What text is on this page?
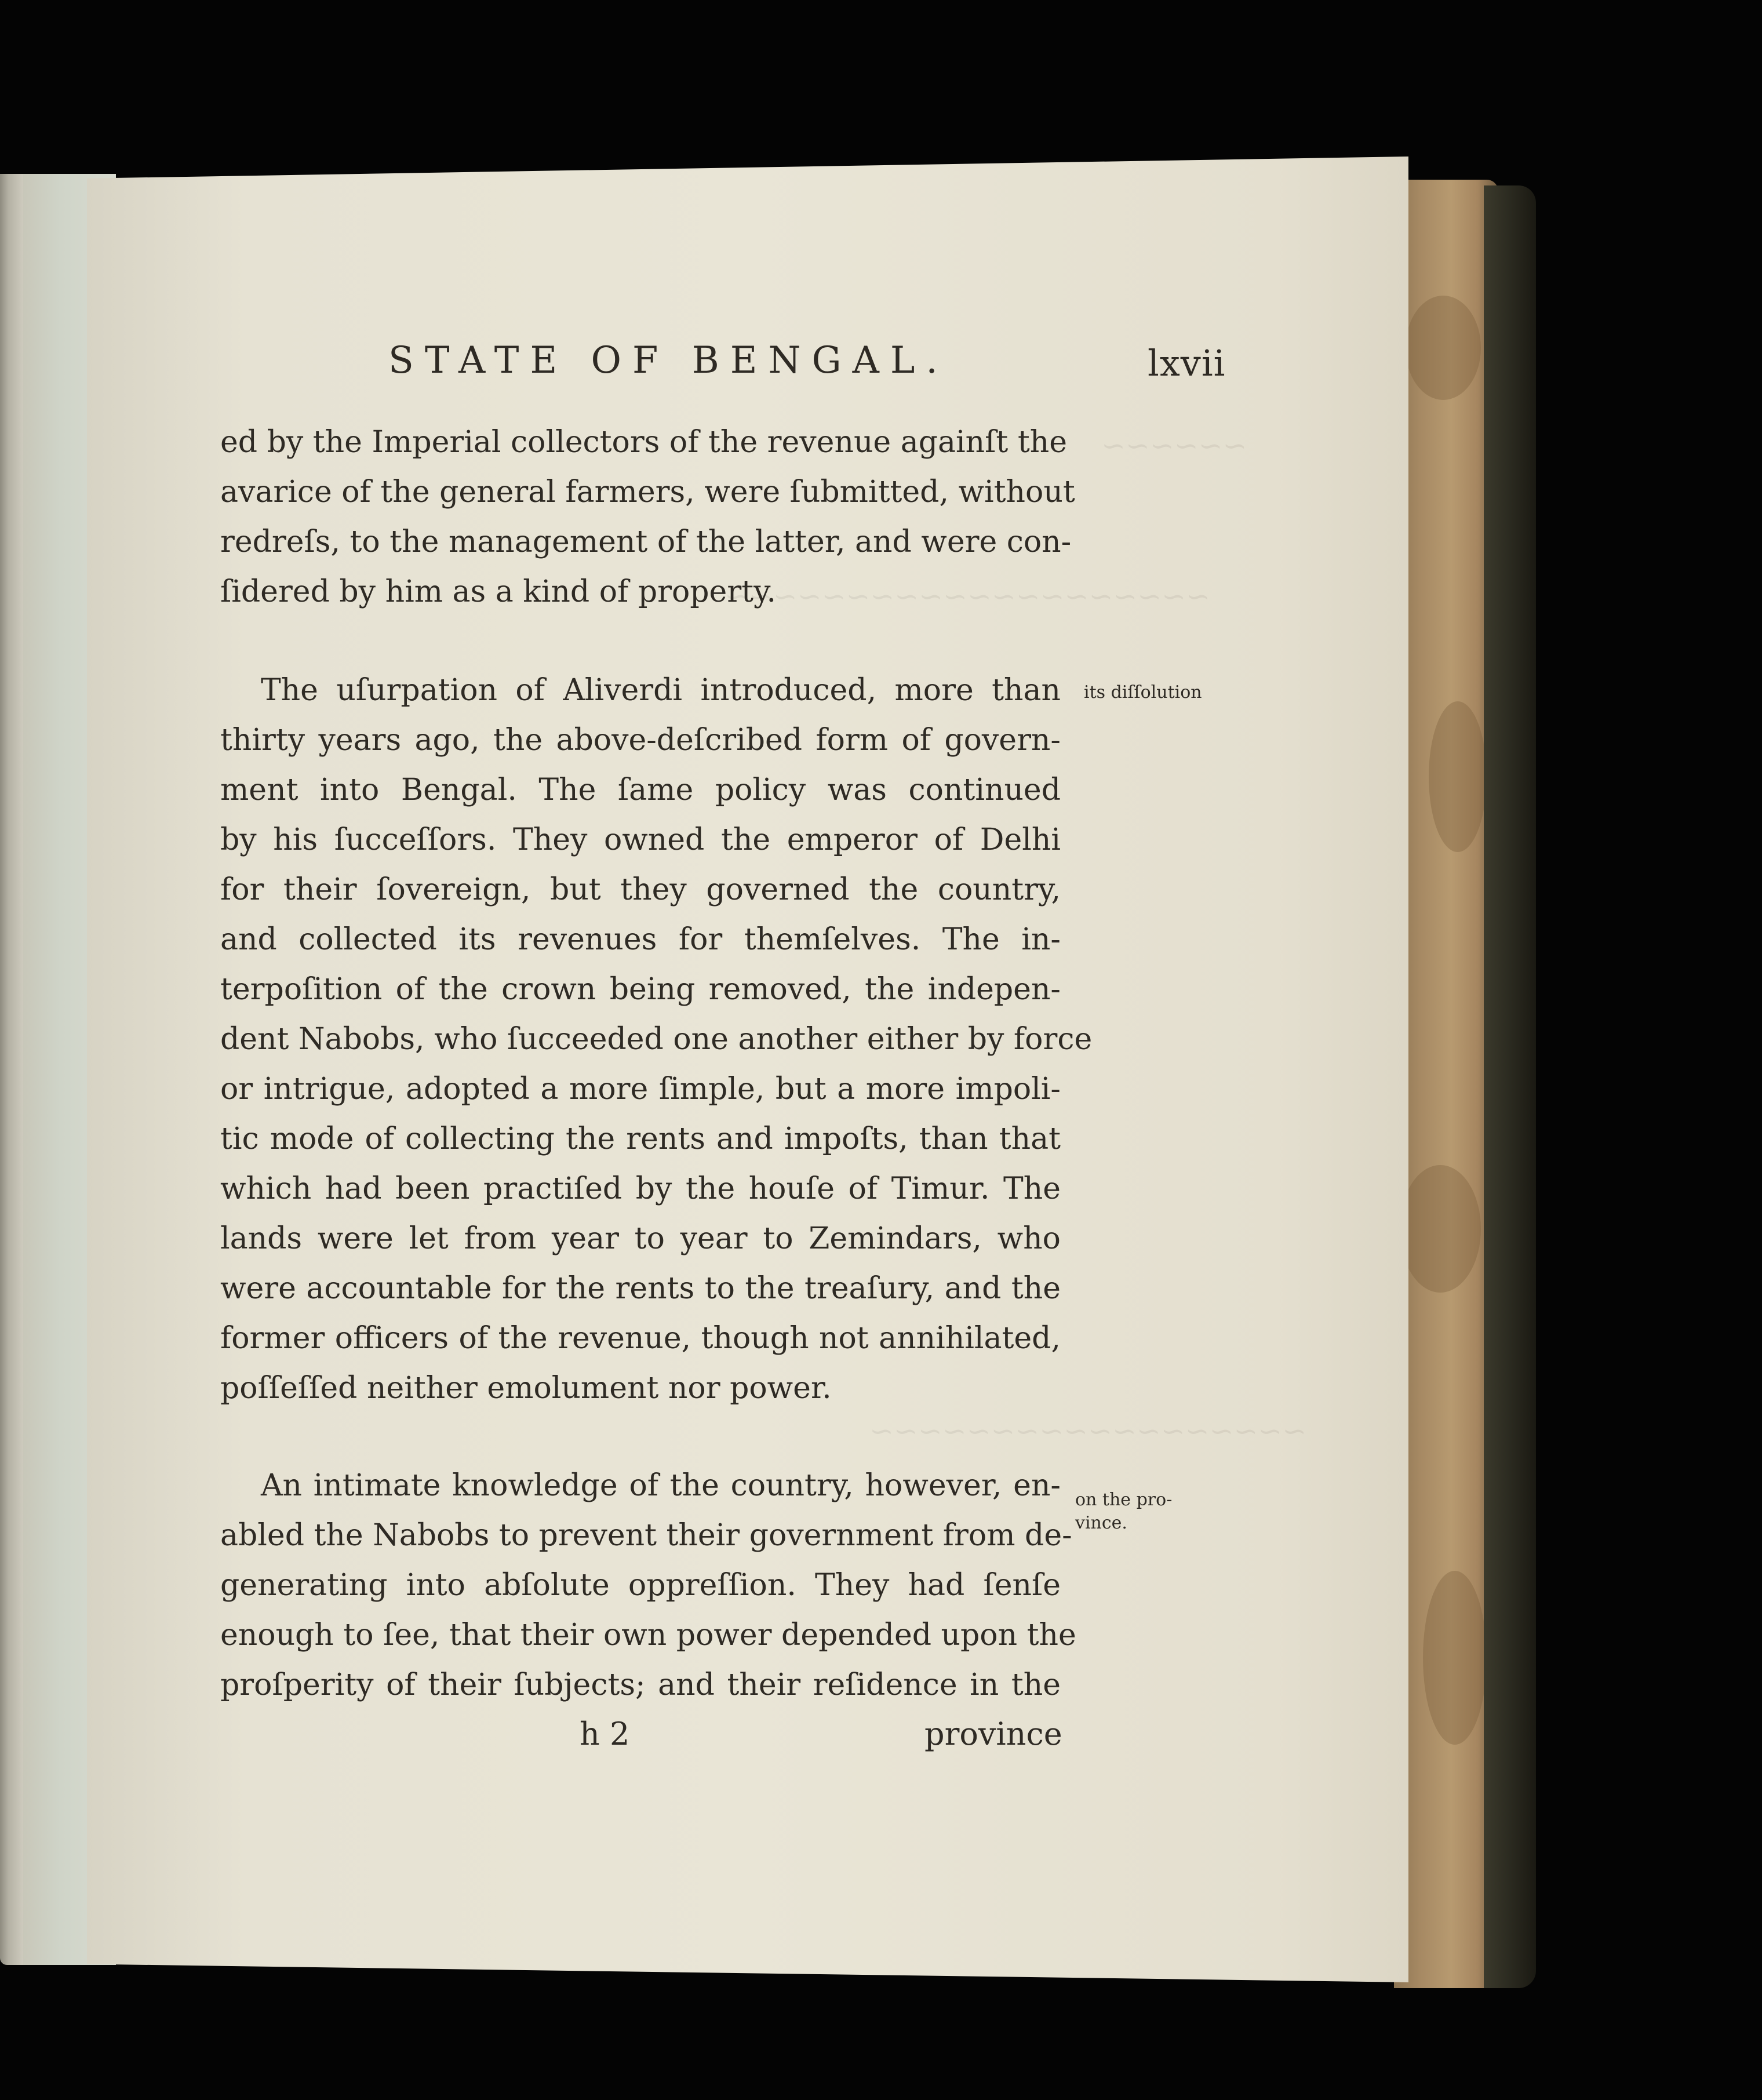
~~~~~~
~~~~~~~~~~~~~~~~~~~~
~~~~~~~~~~~~~~~~~~
STATE OF BENGAL.	lxvii
ed by the Imperial collectors of the revenue againſt the
avarice of the general farmers, were ſubmitted, without
redreſs, to the management of the latter, and were con-
ſidered by him as a kind of property.
The uſurpation of Aliverdi introduced, more than
thirty years ago, the above-deſcribed form of govern-
ment into Bengal. The ſame policy was continued
by his ſucceſſors. They owned the emperor of Delhi
for their ſovereign, but they governed the country,
and collected its revenues for themſelves. The in-
terpoſition of the crown being removed, the indepen-
dent Nabobs, who ſucceeded one another either by force
or intrigue, adopted a more ſimple, but a more impoli-
tic mode of collecting the rents and impoſts, than that
which had been practiſed by the houſe of Timur. The
lands were let from year to year to Zemindars, who
were accountable for the rents to the treaſury, and the
former officers of the revenue, though not annihilated,
poſſeſſed neither emolument nor power.
An intimate knowledge of the country, however, en-
abled the Nabobs to prevent their government from de-
generating into abſolute oppreſſion. They had ſenſe
enough to ſee, that their own power depended upon the
proſperity of their ſubjects; and their reſidence in the
its diſſolution
on the pro-
vince.
h 2	province
